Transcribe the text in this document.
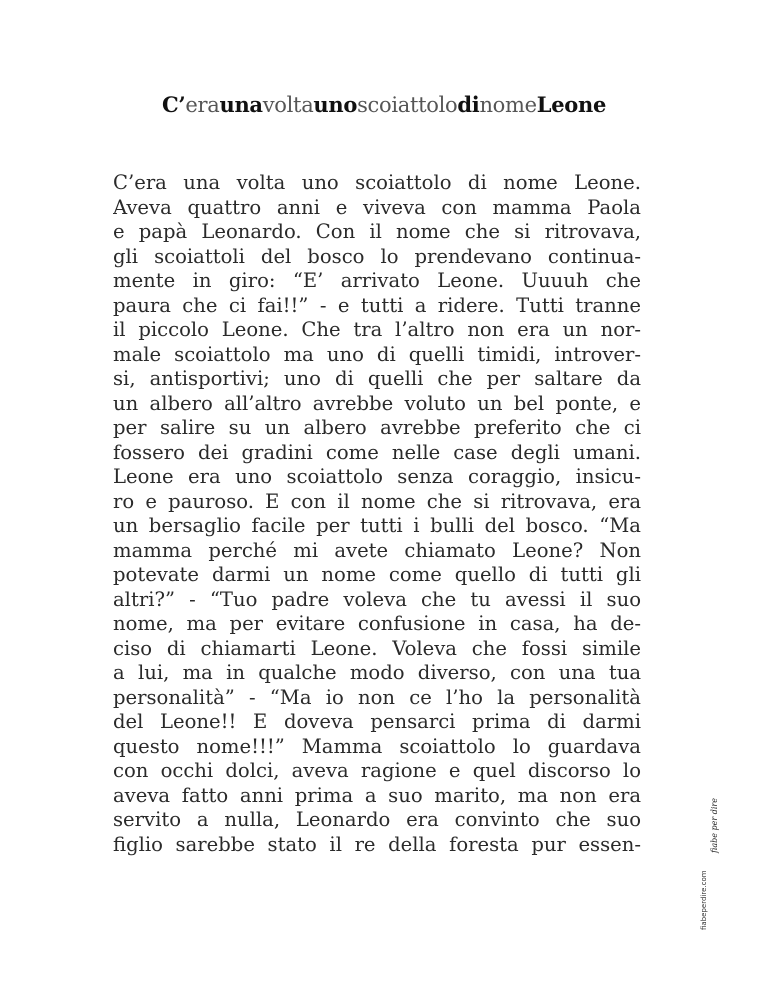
C’eraunavoltaunoscoiattolodinomeLeone
C’era una volta uno scoiattolo di nome Leone.
Aveva quattro anni e viveva con mamma Paola
e papà Leonardo. Con il nome che si ritrovava,
gli scoiattoli del bosco lo prendevano continua-
mente in giro: “E’ arrivato Leone. Uuuuh che
paura che ci fai!!” - e tutti a ridere. Tutti tranne
il piccolo Leone. Che tra l’altro non era un nor-
male scoiattolo ma uno di quelli timidi, introver-
si, antisportivi; uno di quelli che per saltare da
un albero all’altro avrebbe voluto un bel ponte, e
per salire su un albero avrebbe preferito che ci
fossero dei gradini come nelle case degli umani.
Leone era uno scoiattolo senza coraggio, insicu-
ro e pauroso. E con il nome che si ritrovava, era
un bersaglio facile per tutti i bulli del bosco. “Ma
mamma perché mi avete chiamato Leone? Non
potevate darmi un nome come quello di tutti gli
altri?” - “Tuo padre voleva che tu avessi il suo
nome, ma per evitare confusione in casa, ha de-
ciso di chiamarti Leone. Voleva che fossi simile
a lui, ma in qualche modo diverso, con una tua
personalità” - “Ma io non ce l’ho la personalità
del Leone!! E doveva pensarci prima di darmi
questo nome!!!” Mamma scoiattolo lo guardava
con occhi dolci, aveva ragione e quel discorso lo
aveva fatto anni prima a suo marito, ma non era
servito a nulla, Leonardo era convinto che suo
figlio sarebbe stato il re della foresta pur essen-	fiabe per dire
fiabeperdire.com
